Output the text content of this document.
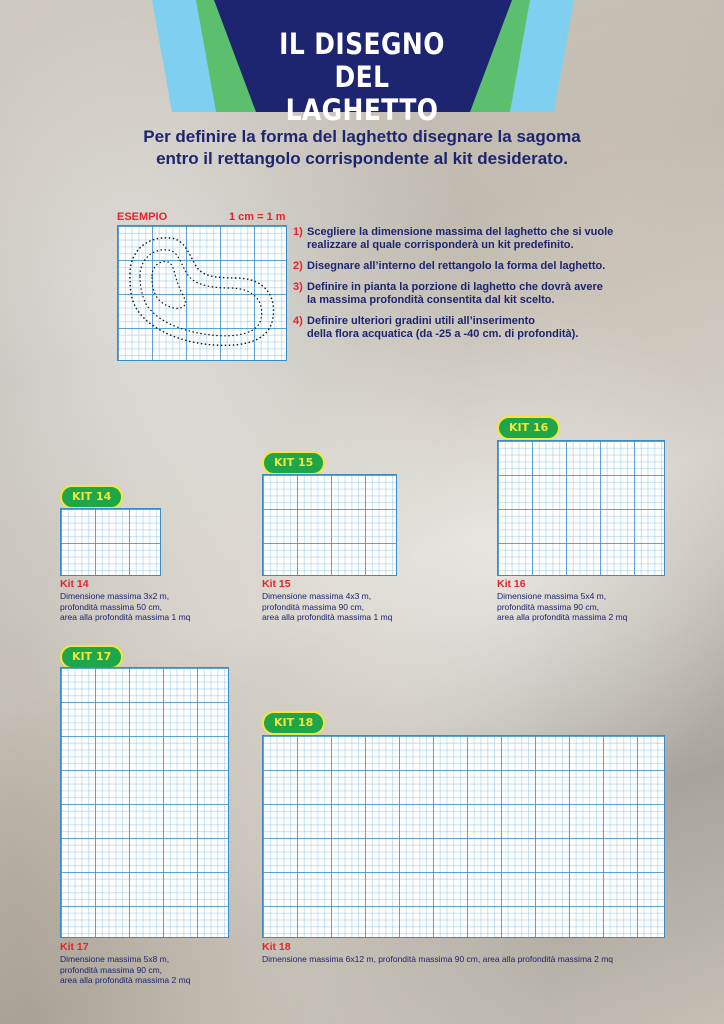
IL DISEGNO
DEL LAGHETTO
Per definire la forma del laghetto disegnare la sagoma
entro il rettangolo corrispondente al kit desiderato.
ESEMPIO	1 cm = 1 m
1) Scegliere la dimensione massima del laghetto che si vuole
realizzare al quale corrisponderà un kit predefinito.
2) Disegnare all’interno del rettangolo la forma del laghetto.
3) Definire in pianta la porzione di laghetto che dovrà avere
la massima profondità consentita dal kit scelto.
4) Definire ulteriori gradini utili all’inserimento
della flora acquatica (da -25 a -40 cm. di profondità).
KIT 14
Kit 14
Dimensione massima 3x2 m,
profondità massima 50 cm,
area alla profondità massima 1 mq
KIT 15
Kit 15
Dimensione massima 4x3 m,
profondità massima 90 cm,
area alla profondità massima 1 mq
KIT 16
Kit 16
Dimensione massima 5x4 m,
profondità massima 90 cm,
area alla profondità massima 2 mq
KIT 17
Kit 17
Dimensione massima 5x8 m,
profondità massima 90 cm,
area alla profondità massima 2 mq
KIT 18
Kit 18
Dimensione massima 6x12 m, profondità massima 90 cm, area alla profondità massima 2 mq
